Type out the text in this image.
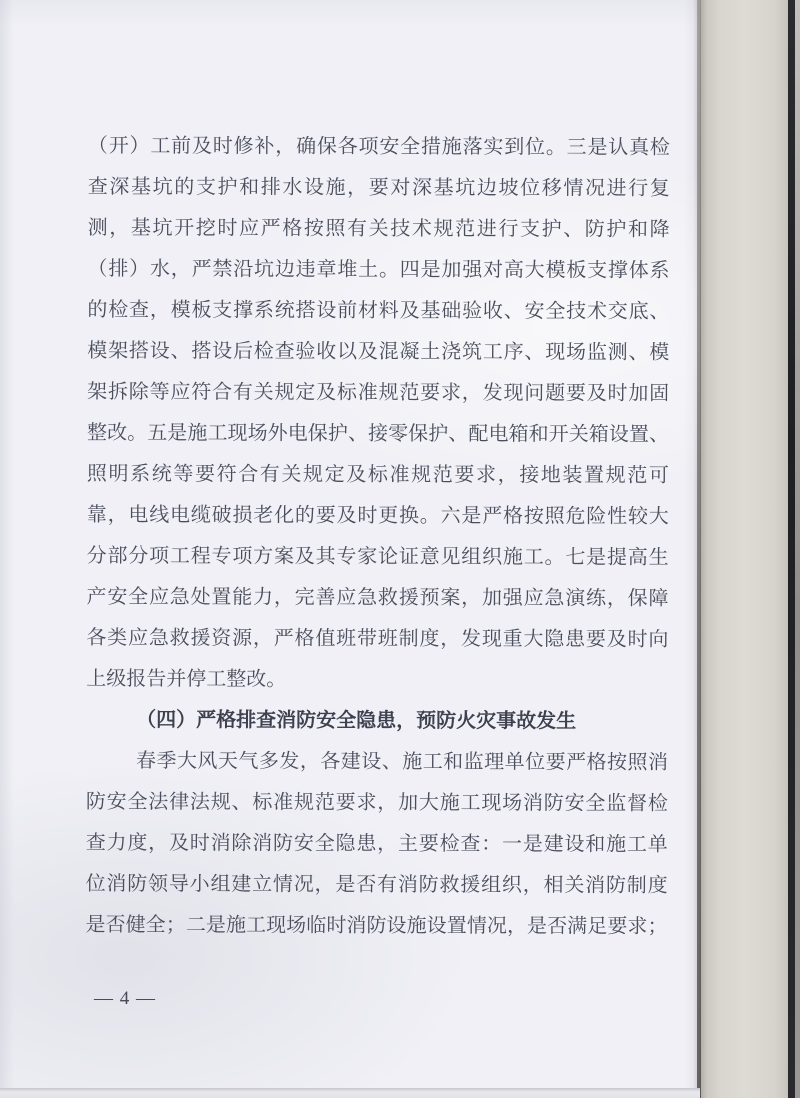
（开）工前及时修补，确保各项安全措施落实到位。三是认真检

查深基坑的支护和排水设施，要对深基坑边坡位移情况进行复

测，基坑开挖时应严格按照有关技术规范进行支护、防护和降

（排）水，严禁沿坑边违章堆土。四是加强对高大模板支撑体系

的检查，模板支撑系统搭设前材料及基础验收、安全技术交底、

模架搭设、搭设后检查验收以及混凝土浇筑工序、现场监测、模

架拆除等应符合有关规定及标准规范要求，发现问题要及时加固

整改。五是施工现场外电保护、接零保护、配电箱和开关箱设置、

照明系统等要符合有关规定及标准规范要求，接地装置规范可

靠，电线电缆破损老化的要及时更换。六是严格按照危险性较大

分部分项工程专项方案及其专家论证意见组织施工。七是提高生

产安全应急处置能力，完善应急救援预案，加强应急演练，保障

各类应急救援资源，严格值班带班制度，发现重大隐患要及时向

上级报告并停工整改。

（四）严格排查消防安全隐患，预防火灾事故发生

春季大风天气多发，各建设、施工和监理单位要严格按照消

防安全法律法规、标准规范要求，加大施工现场消防安全监督检

查力度，及时消除消防安全隐患，主要检查：一是建设和施工单

位消防领导小组建立情况，是否有消防救援组织，相关消防制度

是否健全；二是施工现场临时消防设施设置情况，是否满足要求；

— 4 —
